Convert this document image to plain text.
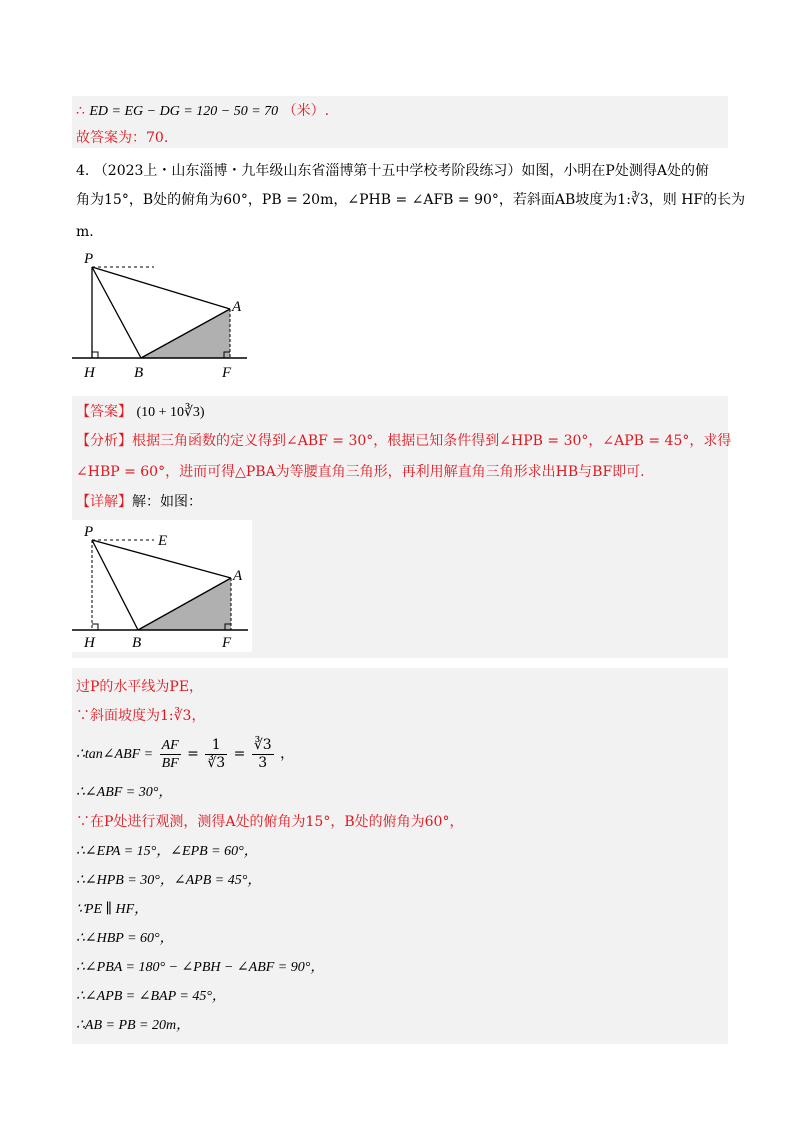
∴ ED = EG − DG = 120 − 50 = 70 （米）.
故答案为：70.
4. （2023上・山东淄博・九年级山东省淄博第十五中学校考阶段练习）如图，小明在P处测得A处的俯
角为15°，B处的俯角为60°，PB = 20m，∠PHB = ∠AFB = 90°，若斜面AB坡度为1:∛3，则 HF的长为
m.
P
A
H	B	F
【答案】 (10 + 10∛3)
【分析】根据三角函数的定义得到∠ABF = 30°，根据已知条件得到∠HPB = 30°，∠APB = 45°，求得
∠HBP = 60°，进而可得△PBA为等腰直角三角形，再利用解直角三角形求出HB与BF即可.
【详解】解：如图：
P
E
A
H B	F
过P的水平线为PE，
∵斜面坡度为1:∛3，
∴tan∠ABF = $\frac{AF}{BF} = \frac{1}{∛3} = \frac{∛3}{3}$ ，
∴∠ABF = 30°，
∵在P处进行观测，测得A处的俯角为15°，B处的俯角为60°，
∴∠EPA = 15°，∠EPB = 60°，
∴∠HPB = 30°，∠APB = 45°，
∵PE ∥ HF，
∴∠HBP = 60°，
∴∠PBA = 180° − ∠PBH − ∠ABF = 90°，
∴∠APB = ∠BAP = 45°，
∴AB = PB = 20m，
